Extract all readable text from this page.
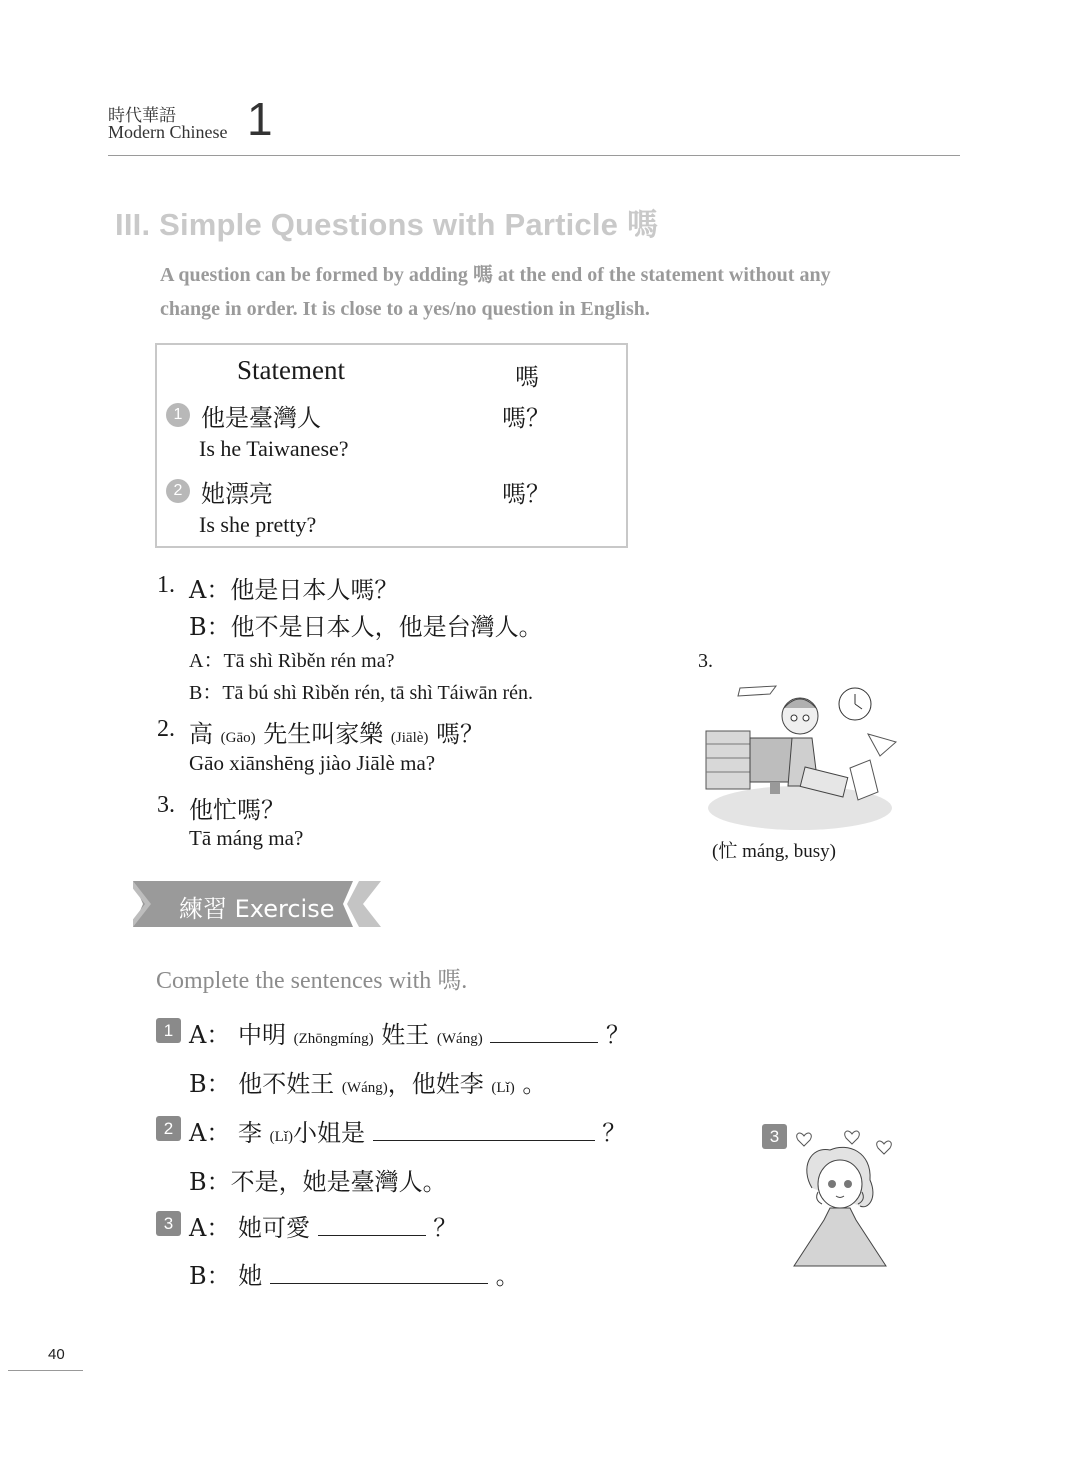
時代華語
Modern Chinese 1
III. Simple Questions with Particle 嗎
A question can be formed by adding 嗎 at the end of the statement without any
change in order. It is close to a yes/no question in English.
Statement	嗎
1 他是臺灣人	嗎？
Is he Taiwanese?
2 她漂亮	嗎？
Is she pretty?
1. A：他是日本人嗎？
B：他不是日本人，他是台灣人。
A：Tā shì Rìběn rén ma?
B：Tā bú shì Rìběn rén, tā shì Táiwān rén.
2. 高 (Gāo) 先生叫家樂 (Jiālè) 嗎？
Gāo xiānshēng jiào Jiālè ma?
3. 他忙嗎？
Tā máng ma?
3.
(忙 máng, busy)
練習 Exercise
Complete the sentences with 嗎.
1 A： 中明 (Zhōngmíng) 姓王 (Wáng)	？
B： 他不姓王 (Wáng)，他姓李 (Lǐ) 。
2 A： 李 (Lǐ)小姐是	？
B：不是，她是臺灣人。
3 A： 她可愛	？
B： 她	。
3
40
